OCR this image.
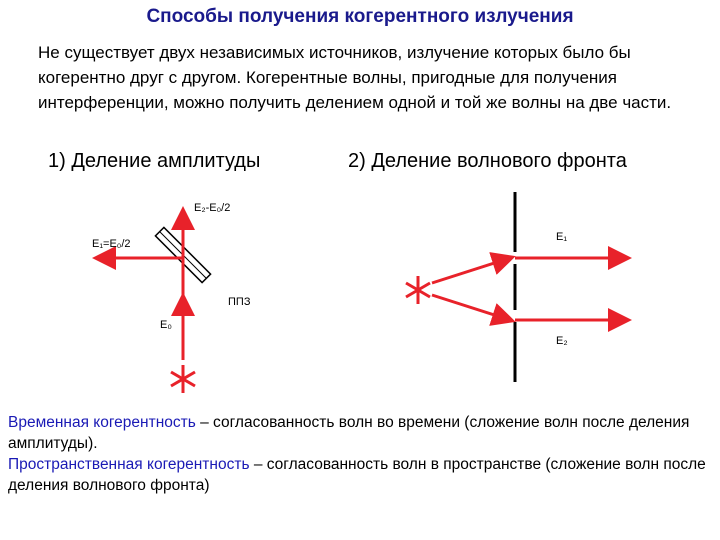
Способы получения когерентного излучения
Не существует двух независимых источников, излучение которых было бы когерентно друг с другом. Когерентные волны, пригодные для получения интерференции, можно получить делением одной и той же волны на две части.
1) Деление амплитуды	2) Деление волнового фронта
E₂-E₀/2
E₁=E₀/2
ППЗ
E₀
E₁
E₂
Временная когерентность – согласованность волн во времени (сложение волн после деления амплитуды).
Пространственная когерентность – согласованность волн в пространстве (сложение волн после деления волнового фронта)
